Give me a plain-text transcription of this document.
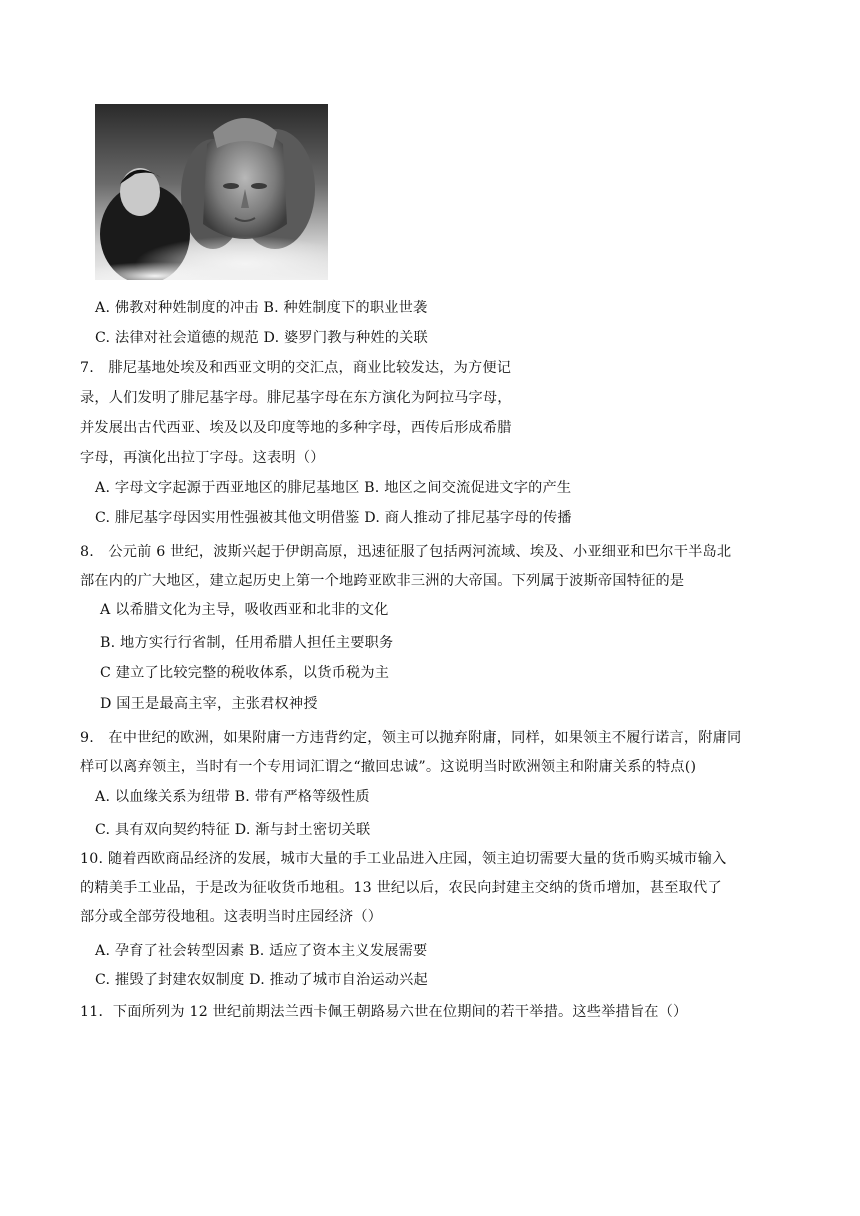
A. 佛教对种姓制度的冲击 B. 种姓制度下的职业世袭
C. 法律对社会道德的规范 D. 婆罗门教与种姓的关联
7.　腓尼基地处埃及和西亚文明的交汇点，商业比较发达，为方便记
录，人们发明了腓尼基字母。腓尼基字母在东方演化为阿拉马字母，
并发展出古代西亚、埃及以及印度等地的多种字母，西传后形成希腊
字母，再演化出拉丁字母。这表明（）
A. 字母文字起源于西亚地区的腓尼基地区 B. 地区之间交流促进文字的产生
C. 腓尼基字母因实用性强被其他文明借鉴 D. 商人推动了排尼基字母的传播
8.　公元前 6 世纪，波斯兴起于伊朗高原，迅速征服了包括两河流域、埃及、小亚细亚和巴尔干半岛北
部在内的广大地区，建立起历史上第一个地跨亚欧非三洲的大帝国。下列属于波斯帝国特征的是
A 以希腊文化为主导，吸收西亚和北非的文化
B. 地方实行行省制，任用希腊人担任主要职务
C 建立了比较完整的税收体系，以货币税为主
D 国王是最高主宰，主张君权神授
9.　在中世纪的欧洲，如果附庸一方违背约定，领主可以抛弃附庸，同样，如果领主不履行诺言，附庸同
样可以离弃领主，当时有一个专用词汇谓之“撤回忠诚”。这说明当时欧洲领主和附庸关系的特点()
A. 以血缘关系为纽带 B. 带有严格等级性质
C. 具有双向契约特征 D. 渐与封土密切关联
10. 随着西欧商品经济的发展，城市大量的手工业品进入庄园，领主迫切需要大量的货币购买城市输入
的精美手工业品，于是改为征收货币地租。13 世纪以后，农民向封建主交纳的货币增加，甚至取代了
部分或全部劳役地租。这表明当时庄园经济（）
A. 孕育了社会转型因素 B. 适应了资本主义发展需要
C. 摧毁了封建农奴制度 D. 推动了城市自治运动兴起
11．下面所列为 12 世纪前期法兰西卡佩王朝路易六世在位期间的若干举措。这些举措旨在（）
